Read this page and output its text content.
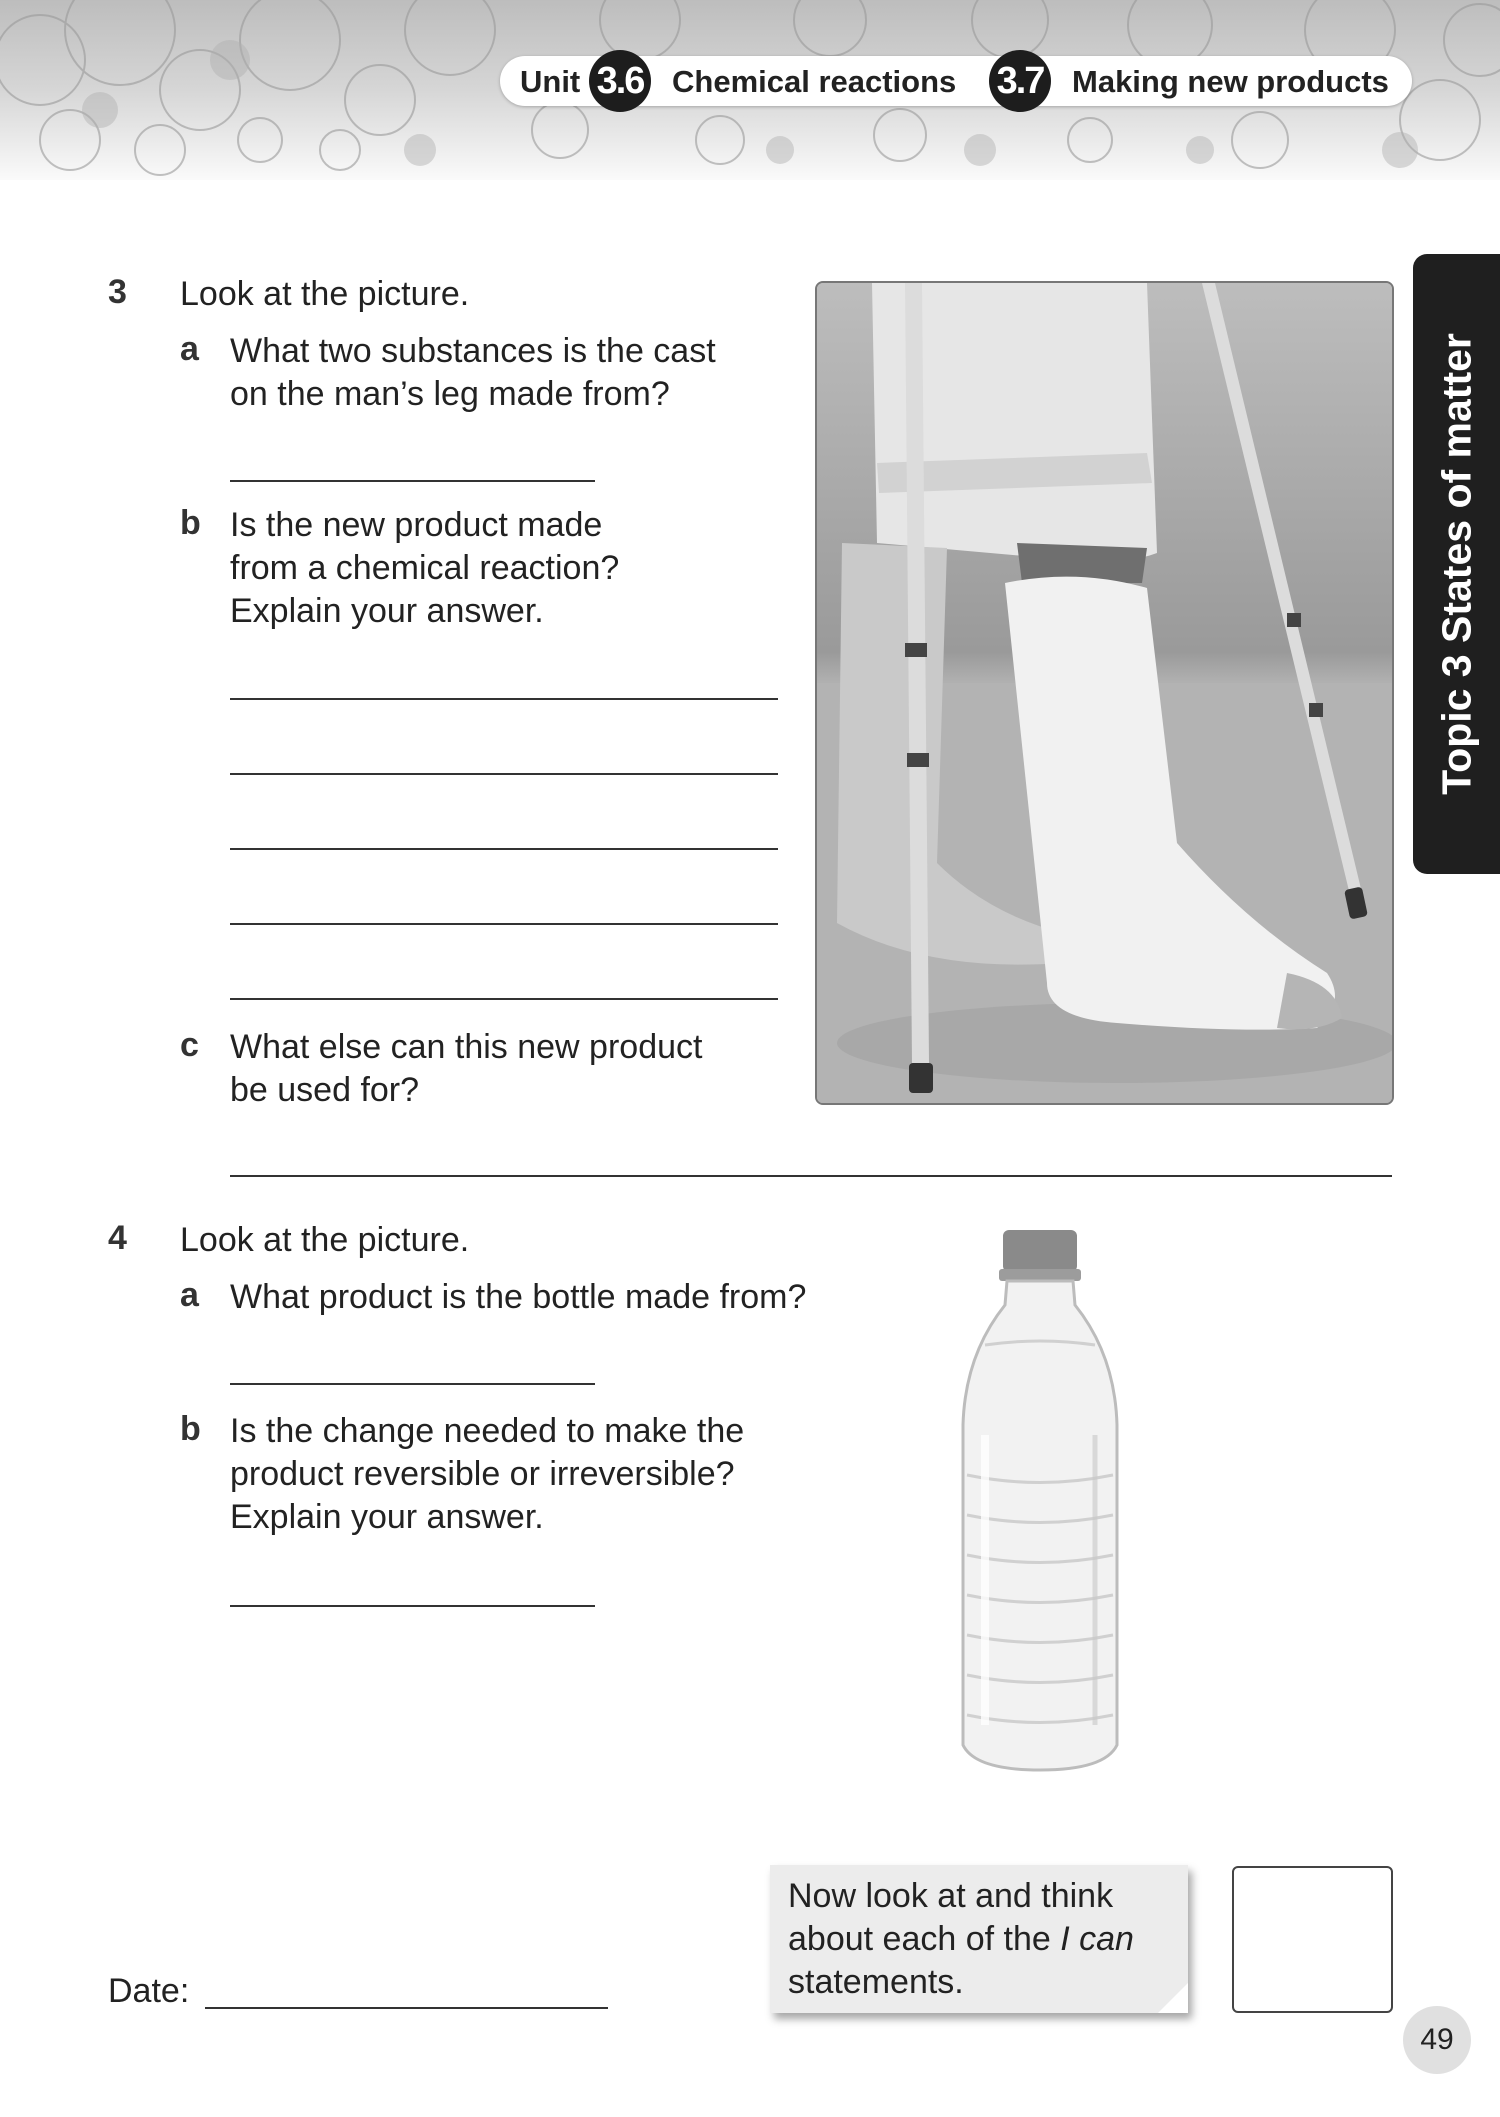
Unit 3.6 Chemical reactions 3.7 Making new products
Topic 3 States of matter
3 Look at the picture.
a What two substances is the cast
on the man’s leg made from?
b Is the new product made
from a chemical reaction?
Explain your answer.
c What else can this new product
be used for?
4 Look at the picture.
a What product is the bottle made from?
b Is the change needed to make the
product reversible or irreversible?
Explain your answer.
Date:
Now look at and think
about each of the I can
statements.
49
